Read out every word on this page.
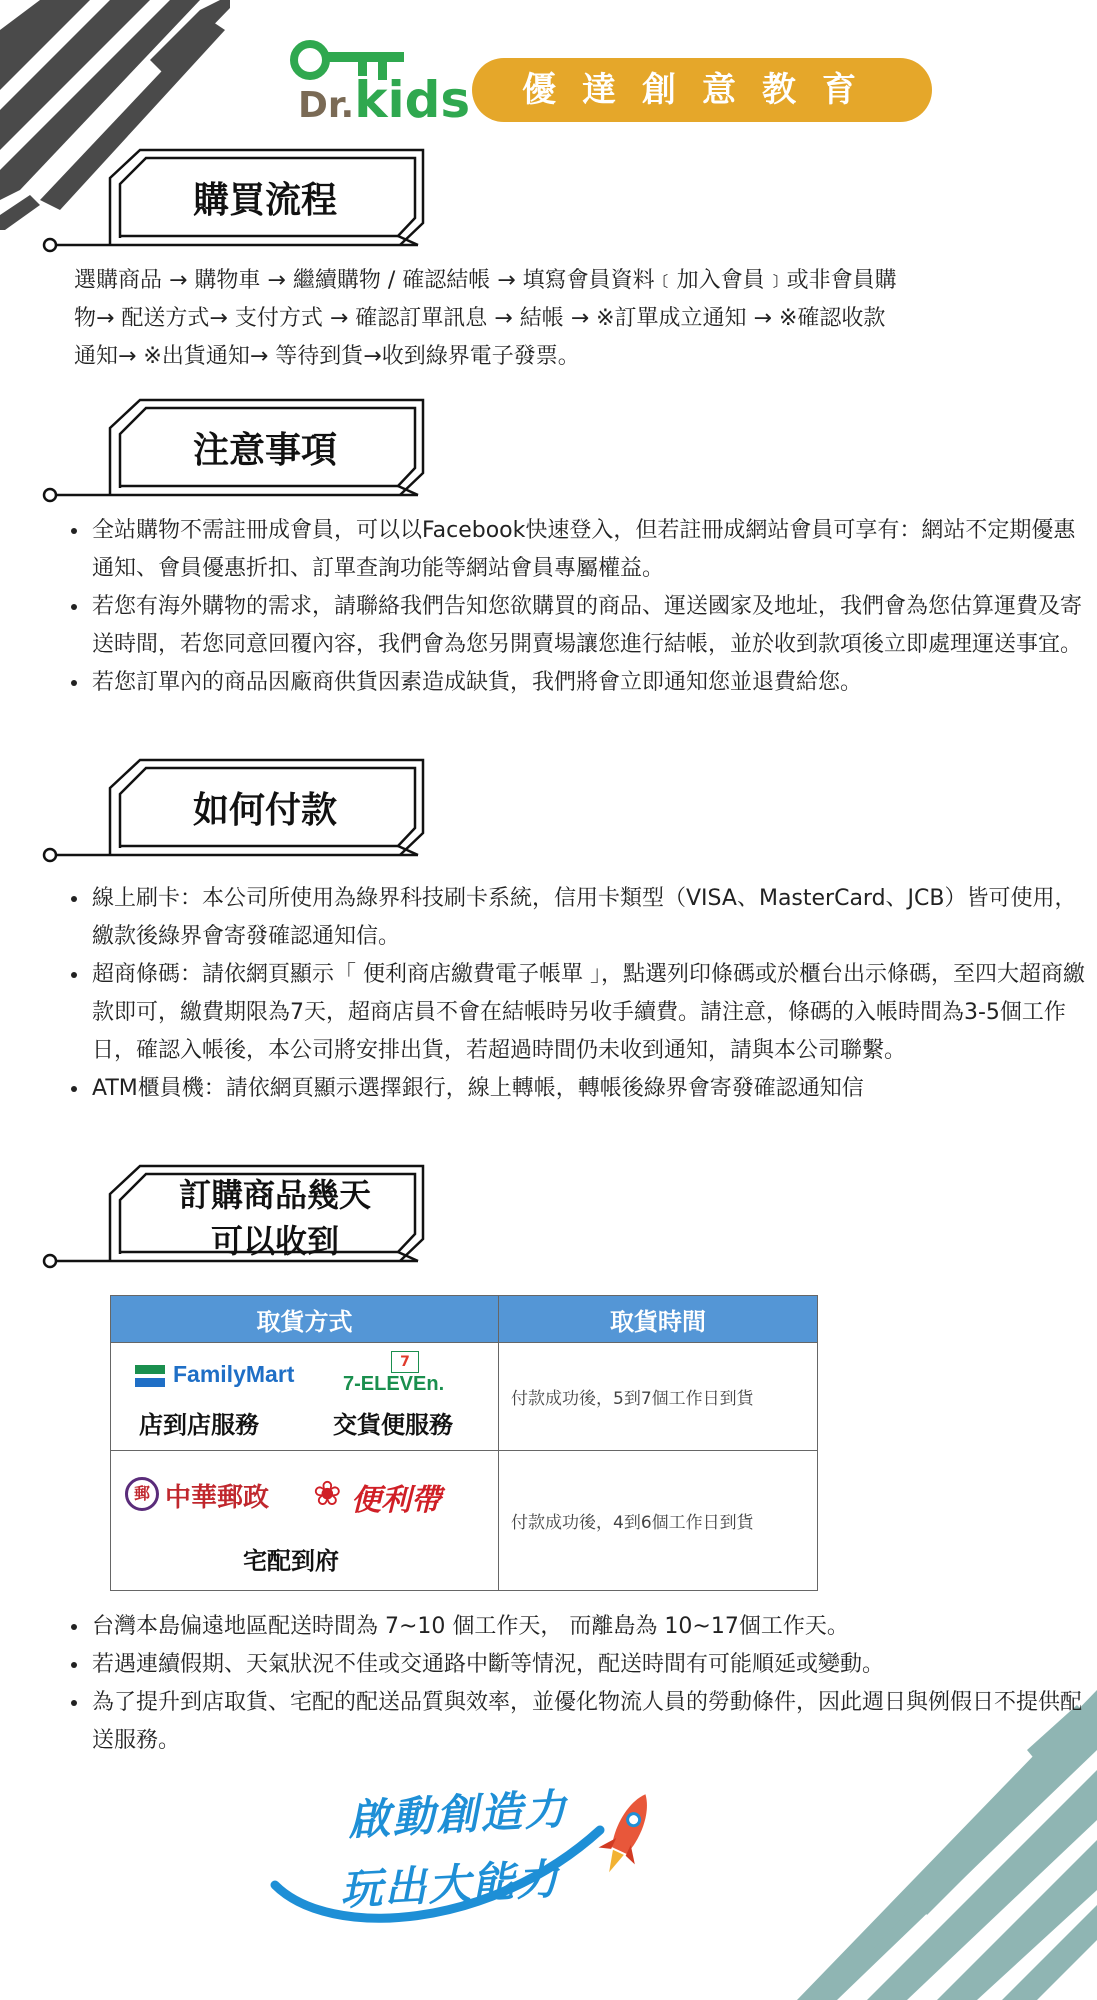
Dr.kids	優達創意教育
購買流程
選購商品 → 購物車 → 繼續購物 / 確認結帳 → 填寫會員資料﹝加入會員﹞或非會員購
物→ 配送方式→ 支付方式 → 確認訂單訊息 → 結帳 → ※訂單成立通知 → ※確認收款
通知→ ※出貨通知→ 等待到貨→收到綠界電子發票。
注意事項
• 全站購物不需註冊成會員，可以以Facebook快速登入，但若註冊成網站會員可享有：網站不定期優惠通知、會員優惠折扣、訂單查詢功能等網站會員專屬權益。
• 若您有海外購物的需求，請聯絡我們告知您欲購買的商品、運送國家及地址，我們會為您估算運費及寄送時間，若您同意回覆內容，我們會為您另開賣場讓您進行結帳，並於收到款項後立即處理運送事宜。
• 若您訂單內的商品因廠商供貨因素造成缺貨，我們將會立即通知您並退費給您。
如何付款
• 線上刷卡：本公司所使用為綠界科技刷卡系統，信用卡類型（VISA、MasterCard、JCB）皆可使用，繳款後綠界會寄發確認通知信。
• 超商條碼：請依網頁顯示「 便利商店繳費電子帳單 」，點選列印條碼或於櫃台出示條碼，至四大超商繳款即可，繳費期限為7天，超商店員不會在結帳時另收手續費。請注意，條碼的入帳時間為3-5個工作日，確認入帳後，本公司將安排出貨，若超過時間仍未收到通知，請與本公司聯繫。
• ATM櫃員機：請依網頁顯示選擇銀行，線上轉帳，轉帳後綠界會寄發確認通知信
訂購商品幾天
可以收到
取貨方式	取貨時間

FamilyMart 7
7-ELEVEn.
店到店服務 交貨便服務	付款成功後，5到7個工作日到貨

郵 中華郵政 ❀ 便利帶
宅配到府	付款成功後，4到6個工作日到貨
• 台灣本島偏遠地區配送時間為 7~10 個工作天， 而離島為 10~17個工作天。
• 若遇連續假期、天氣狀況不佳或交通路中斷等情況，配送時間有可能順延或變動。
• 為了提升到店取貨、宅配的配送品質與效率，並優化物流人員的勞動條件，因此週日與例假日不提供配送服務。
啟動創造力
玩出大能力
